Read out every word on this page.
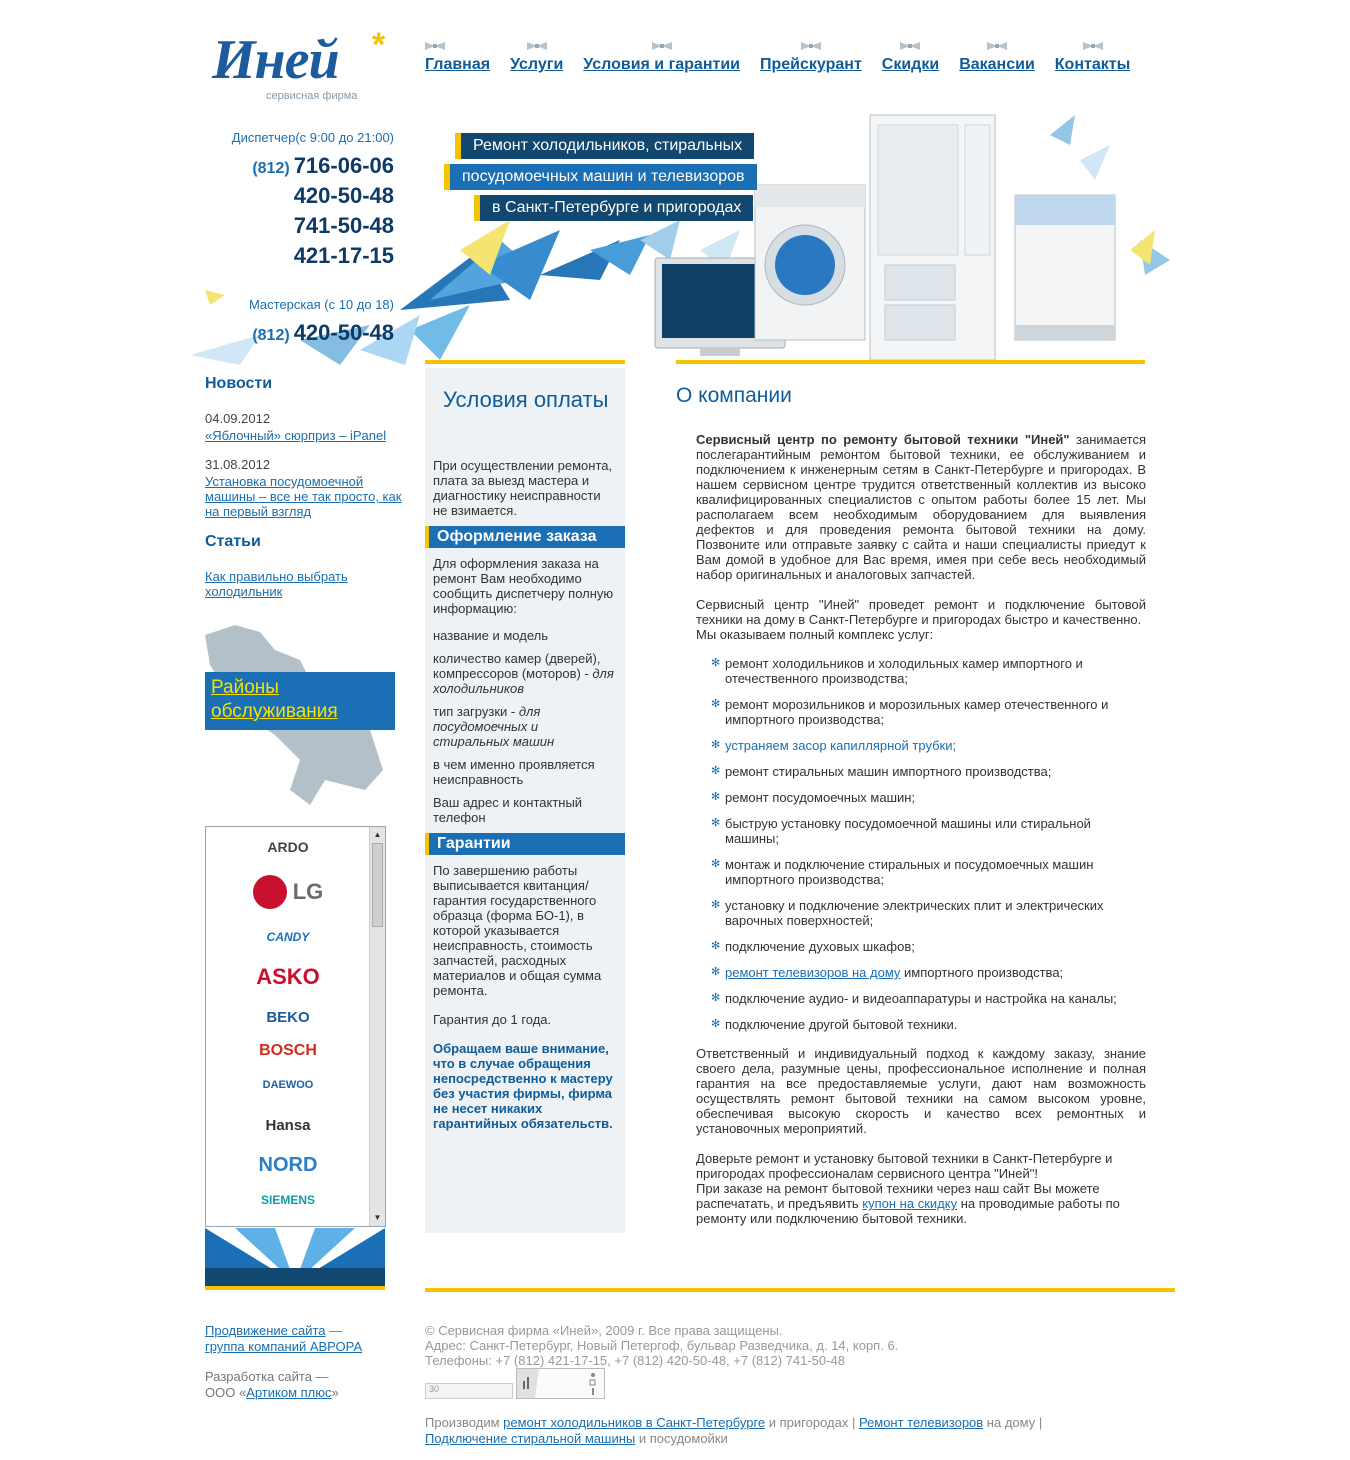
Иней *
сервисная фирма
Ремонт холодильников, стиральных
посудомоечных машин и телевизоров
в Санкт-Петербурге и пригородах
Главная Услуги Условия и гарантии Прейскурант Скидки Вакансии Контакты
Диспетчер(с 9:00 до 21:00)
(812) 716-06-06
420-50-48
741-50-48
421-17-15
Мастерская (с 10 до 18)
(812) 420-50-48
Новости
04.09.2012
«Яблочный» сюрприз – iPanel
31.08.2012
Установка посудомоечной машины – все не так просто, как на первый взгляд
Статьи
Как правильно выбрать холодильник
Районы обслуживания
ARDO
LG
CANDY
ASKO
BEKO
BOSCH
DAEWOO
Hansa
NORD
SIEMENS
▲
▼
Условия оплаты
При осуществлении ремонта, плата за выезд мастера и диагностику неисправности не взимается.
Оформление заказа
Для оформления заказа на ремонт Вам необходимо сообщить диспетчеру полную информацию:
название и модель
количество камер (дверей), компрессоров (моторов) - для холодильников
тип загрузки - для посудомоечных и стиральных машин
в чем именно проявляется неисправность
Ваш адрес и контактный телефон
Гарантии
По завершению работы выписывается квитанция/гарантия государственного образца (форма БО-1), в которой указывается неисправность, стоимость запчастей, расходных материалов и общая сумма ремонта.
Гарантия до 1 года.
Обращаем ваше внимание, что в случае обращения непосредственно к мастеру без участия фирмы, фирма не несет никаких гарантийных обязательств.
О компании

Сервисный центр по ремонту бытовой техники "Иней" занимается послегарантийным ремонтом бытовой техники, ее обслуживанием и подключением к инженерным сетям в Санкт-Петербурге и пригородах. В нашем сервисном центре трудится ответственный коллектив из высоко квалифицированных специалистов с опытом работы более 15 лет. Мы располагаем всем необходимым оборудованием для выявления дефектов и для проведения ремонта бытовой техники на дому. Позвоните или отправьте заявку с сайта и наши специалисты приедут к Вам домой в удобное для Вас время, имея при себе весь необходимый набор оригинальных и аналоговых запчастей.

Сервисный центр "Иней" проведет ремонт и подключение бытовой техники на дому в Санкт-Петербурге и пригородах быстро и качественно.
Мы оказываем полный комплекс услуг:

✻ ремонт холодильников и холодильных камер импортного и отечественного производства;
✻ ремонт морозильников и морозильных камер отечественного и импортного производства;
✻ устраняем засор капиллярной трубки;
✻ ремонт стиральных машин импортного производства;
✻ ремонт посудомоечных машин;
✻ быструю установку посудомоечной машины или стиральной машины;
✻ монтаж и подключение стиральных и посудомоечных машин импортного производства;
✻ установку и подключение электрических плит и электрических варочных поверхностей;
✻ подключение духовых шкафов;
✻ ремонт телевизоров на дому импортного производства;
✻ подключение аудио- и видеоаппаратуры и настройка на каналы;
✻ подключение другой бытовой техники.

Ответственный и индивидуальный подход к каждому заказу, знание своего дела, разумные цены, профессиональное исполнение и полная гарантия на все предоставляемые услуги, дают нам возможность осуществлять ремонт бытовой техники на самом высоком уровне, обеспечивая высокую скорость и качество всех ремонтных и установочных мероприятий.

Доверьте ремонт и установку бытовой техники в Санкт-Петербурге и пригородах профессионалам сервисного центра "Иней"!
При заказе на ремонт бытовой техники через наш сайт Вы можете распечатать, и предъявить купон на скидку на проводимые работы по ремонту или подключению бытовой техники.

Продвижение сайта —
группа компаний АВРОРА
Разработка сайта —
ООО «Артиком плюс»
© Сервисная фирма «Иней», 2009 г. Все права защищены.
Адрес: Санкт-Петербург, Новый Петергоф, бульвар Разведчика, д. 14, корп. 6.
Телефоны: +7 (812) 421-17-15, +7 (812) 420-50-48, +7 (812) 741-50-48
30
Производим ремонт холодильников в Санкт-Петербурге и пригородах | Ремонт телевизоров на дому |
Подключение стиральной машины и посудомойки
